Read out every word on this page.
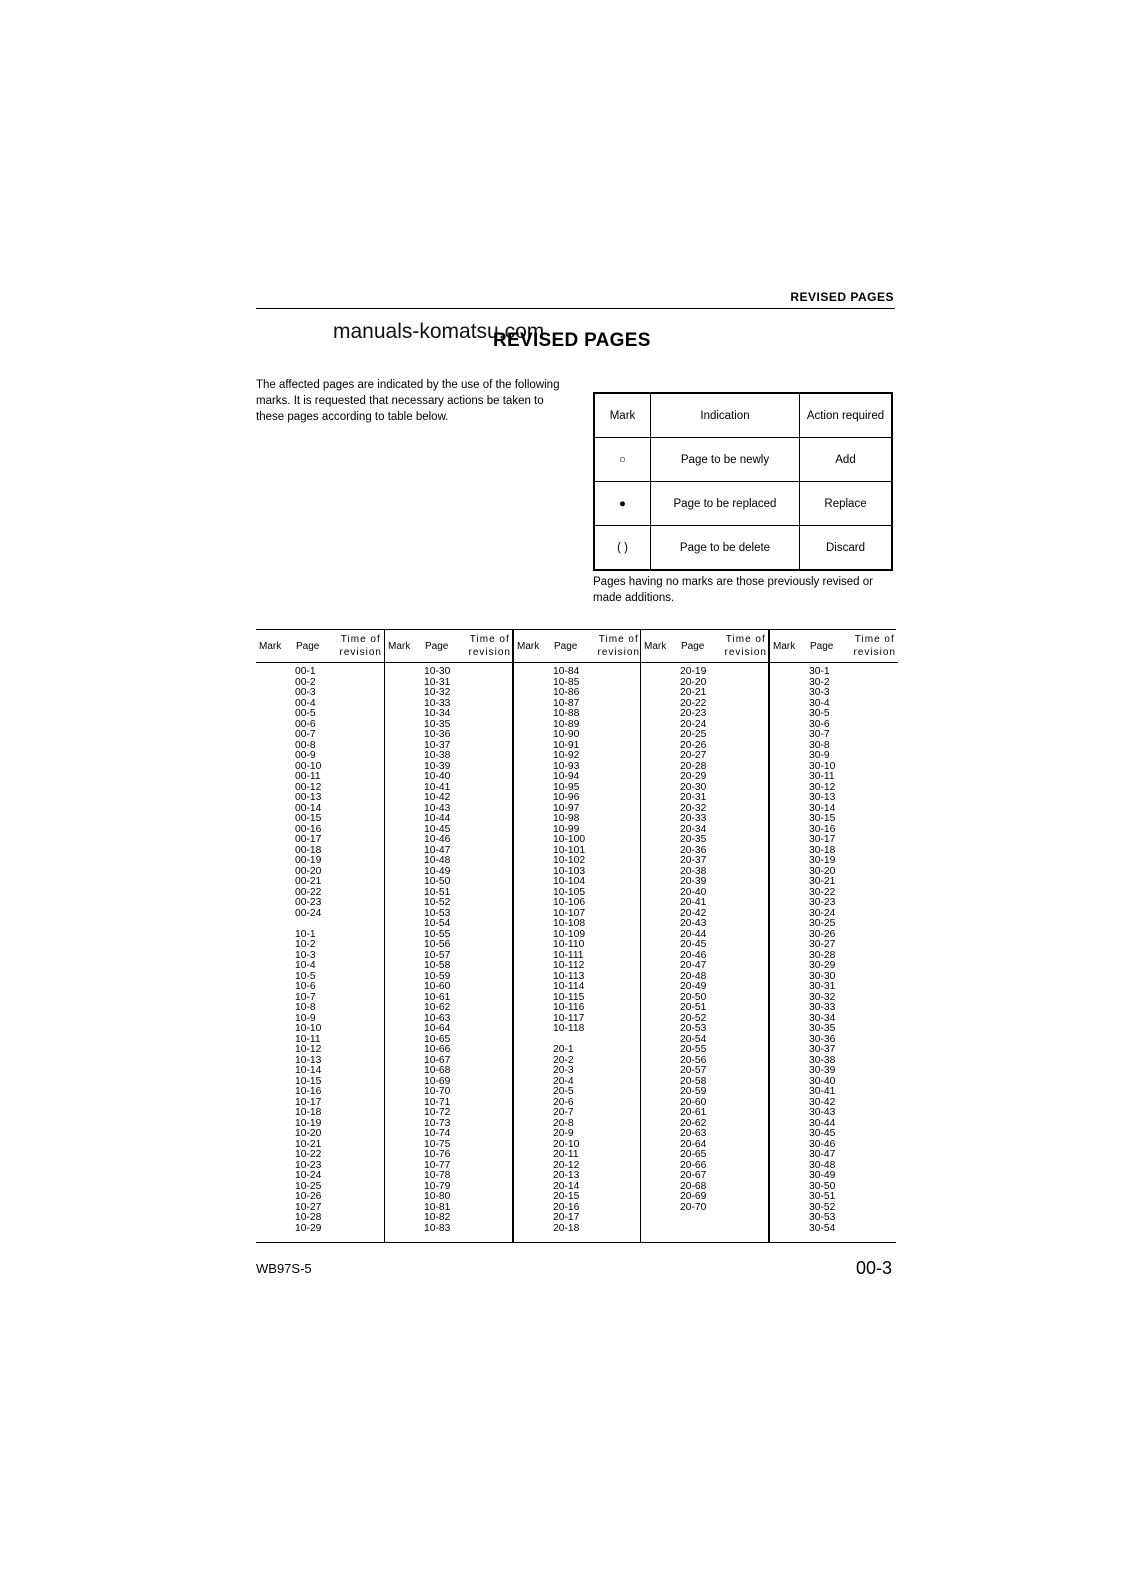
REVISED PAGES
manuals-komatsu.com
REVISED PAGES
The affected pages are indicated by the use of the following marks. It is requested that necessary actions be taken to these pages according to table below.	Mark	Indication	Action required
○	Page to be newly	Add
●	Page to be replaced	Replace
( )	Page to be delete	Discard
Pages having no marks are those previously revised or made additions.
Mark Page
Time of
revision
00-1
00-2
00-3
00-4
00-5
00-6
00-7
00-8
00-9
00-10
00-11
00-12
00-13
00-14
00-15
00-16
00-17
00-18
00-19
00-20
00-21
00-22
00-23
00-24
10-1
10-2
10-3
10-4
10-5
10-6
10-7
10-8
10-9
10-10
10-11
10-12
10-13
10-14
10-15
10-16
10-17
10-18
10-19
10-20
10-21
10-22
10-23
10-24
10-25
10-26
10-27
10-28
10-29
Mark Page
Time of
revision
10-30
10-31
10-32
10-33
10-34
10-35
10-36
10-37
10-38
10-39
10-40
10-41
10-42
10-43
10-44
10-45
10-46
10-47
10-48
10-49
10-50
10-51
10-52
10-53
10-54
10-55
10-56
10-57
10-58
10-59
10-60
10-61
10-62
10-63
10-64
10-65
10-66
10-67
10-68
10-69
10-70
10-71
10-72
10-73
10-74
10-75
10-76
10-77
10-78
10-79
10-80
10-81
10-82
10-83
Mark Page
Time of
revision
10-84
10-85
10-86
10-87
10-88
10-89
10-90
10-91
10-92
10-93
10-94
10-95
10-96
10-97
10-98
10-99
10-100
10-101
10-102
10-103
10-104
10-105
10-106
10-107
10-108
10-109
10-110
10-111
10-112
10-113
10-114
10-115
10-116
10-117
10-118
20-1
20-2
20-3
20-4
20-5
20-6
20-7
20-8
20-9
20-10
20-11
20-12
20-13
20-14
20-15
20-16
20-17
20-18
Mark Page
Time of
revision
20-19
20-20
20-21
20-22
20-23
20-24
20-25
20-26
20-27
20-28
20-29
20-30
20-31
20-32
20-33
20-34
20-35
20-36
20-37
20-38
20-39
20-40
20-41
20-42
20-43
20-44
20-45
20-46
20-47
20-48
20-49
20-50
20-51
20-52
20-53
20-54
20-55
20-56
20-57
20-58
20-59
20-60
20-61
20-62
20-63
20-64
20-65
20-66
20-67
20-68
20-69
20-70
Mark Page
Time of
revision
30-1
30-2
30-3
30-4
30-5
30-6
30-7
30-8
30-9
30-10
30-11
30-12
30-13
30-14
30-15
30-16
30-17
30-18
30-19
30-20
30-21
30-22
30-23
30-24
30-25
30-26
30-27
30-28
30-29
30-30
30-31
30-32
30-33
30-34
30-35
30-36
30-37
30-38
30-39
30-40
30-41
30-42
30-43
30-44
30-45
30-46
30-47
30-48
30-49
30-50
30-51
30-52
30-53
30-54
WB97S-5	00-3
